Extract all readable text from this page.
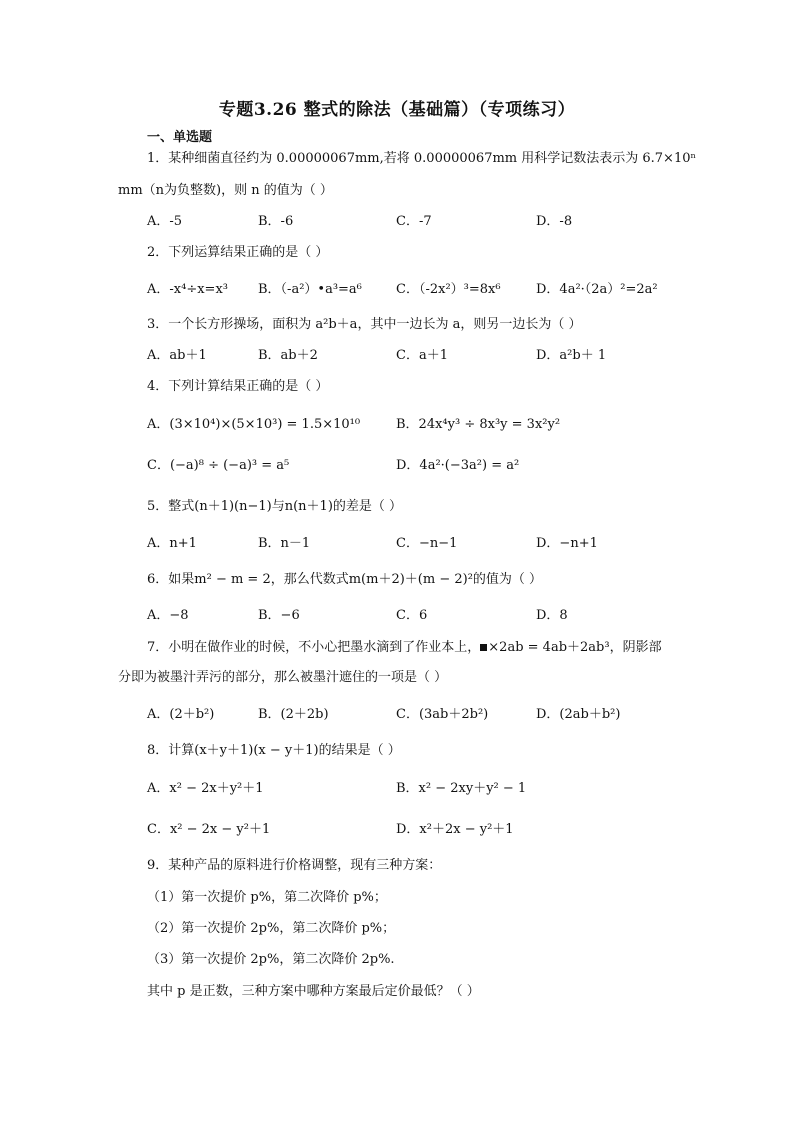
专题3.26 整式的除法（基础篇）（专项练习）
一、单选题
1．某种细菌直径约为 0.00000067mm,若将 0.00000067mm 用科学记数法表示为 6.7×10ⁿ
mm（n为负整数)，则 n 的值为（ ）
A．-5	B．-6	C．-7	D．-8
2．下列运算结果正确的是（ ）
A．-x⁴÷x=x³ B．（-a²）•a³=a⁶	C．（-2x²）³=8x⁶	D．4a²·（2a）²=2a²
3．一个长方形操场，面积为 a²b＋a，其中一边长为 a，则另一边长为（ ）
A．ab＋1	B．ab＋2	C．a＋1	D．a²b＋ 1
4．下列计算结果正确的是（ ）
A．(3×10⁴)×(5×10³) = 1.5×10¹⁰	B．24x⁴y³ ÷ 8x³y = 3x²y²
C．(−a)⁸ ÷ (−a)³ = a⁵	D．4a²·(−3a²) = a²
5．整式(n＋1)(n−1)与n(n＋1)的差是（ ）
A．n+1	B．n－1	C．−n−1	D．−n+1
6．如果m² − m = 2，那么代数式m(m＋2)＋(m − 2)²的值为（ ）
A．−8	B．−6	C．6	D．8
7．小明在做作业的时候，不小心把墨水滴到了作业本上， ×2ab = 4ab＋2ab³，阴影部
分即为被墨汁弄污的部分，那么被墨汁遮住的一项是（ ）
A．(2＋b²)	B．(2＋2b)	C．(3ab＋2b²)	D．(2ab＋b²)
8．计算(x＋y＋1)(x − y＋1)的结果是（ ）
A．x² − 2x＋y²＋1	B．x² − 2xy＋y² − 1
C．x² − 2x − y²＋1	D．x²＋2x − y²＋1
9．某种产品的原料进行价格调整，现有三种方案：
（1）第一次提价 p%，第二次降价 p%；
（2）第一次提价 2p%，第二次降价 p%；
（3）第一次提价 2p%，第二次降价 2p%.
其中 p 是正数，三种方案中哪种方案最后定价最低？（ ）
